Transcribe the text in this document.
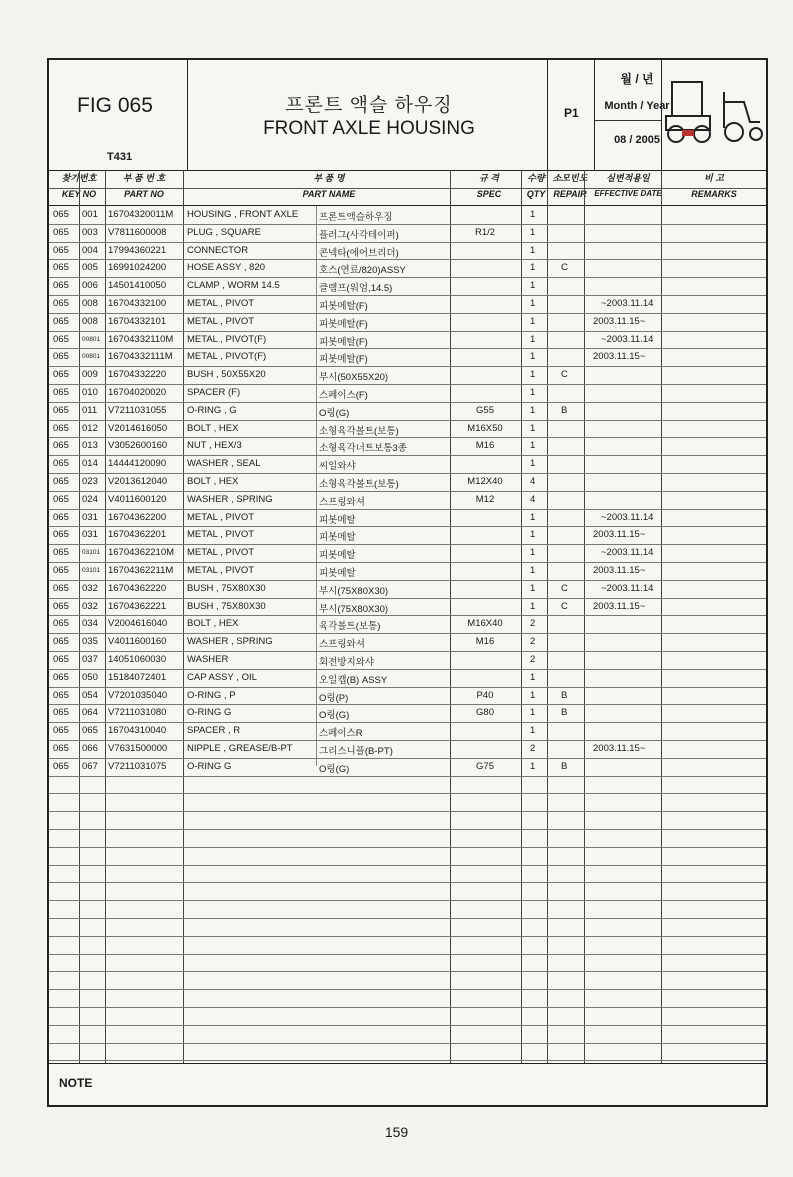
FIG 065
T431
프론트 액슬 하우징
FRONT AXLE HOUSING
P1
월 / 년
Month / Year
08 / 2005
찾기번호
KEY NO
부 품 번 호
PART NO
부 품 명
PART NAME
규 격
SPEC
수량
QTY
소모빈도
REPAIR
실변적용일
EFFECTIVE DATE
비 고
REMARKS
065 001 16704320011M HOUSING , FRONT AXLE 프론트액슬하우징	1
065 003 V7811600008 PLUG , SQUARE	플러그(사각테이퍼)	R1/2	1
065 004 17994360221 CONNECTOR	콘넥타(에어브리더)	1
065 005 16991024200 HOSE ASSY , 820	호스(연료/820)ASSY	1	C
065 006 14501410050 CLAMP , WORM 14.5	클램프(워엄,14.5)	1
065 008 16704332100 METAL , PIVOT	피봇메탈(F)	1	~2003.11.14
065 008 16704332101 METAL , PIVOT	피봇메탈(F)	1	2003.11.15~
065 00801 16704332110M METAL , PIVOT(F)	피봇메탈(F)	1	~2003.11.14
065 00801 16704332111M METAL , PIVOT(F)	피봇메탈(F)	1	2003.11.15~
065 009 16704332220 BUSH , 50X55X20	부시(50X55X20)	1	C
065 010 16704020020 SPACER (F)	스페이스(F)	1
065 011 V7211031055 O-RING , G	O링(G)	G55	1	B
065 012 V2014616050 BOLT , HEX	소형육각볼트(보통)	M16X50	1
065 013 V3052600160 NUT , HEX/3	소형육각너트보통3종	M16	1
065 014 14444120090 WASHER , SEAL	씨일와샤	1
065 023 V2013612040 BOLT , HEX	소형육각볼트(보통)	M12X40	4
065 024 V4011600120 WASHER , SPRING	스프링와셔	M12	4
065 031 16704362200 METAL , PIVOT	피봇메탈	1	~2003.11.14
065 031 16704362201 METAL , PIVOT	피봇메탈	1	2003.11.15~
065 03101 16704362210M METAL , PIVOT	피봇메탈	1	~2003.11.14
065 03101 16704362211M METAL , PIVOT	피봇메탈	1	2003.11.15~
065 032 16704362220 BUSH , 75X80X30	부시(75X80X30)	1	C	~2003.11.14
065 032 16704362221 BUSH , 75X80X30	부시(75X80X30)	1	C	2003.11.15~
065 034 V2004616040 BOLT , HEX	육각볼트(보통)	M16X40	2
065 035 V4011600160 WASHER , SPRING	스프링와셔	M16	2
065 037 14051060030 WASHER	회전방지와샤	2
065 050 15184072401 CAP ASSY , OIL	오일캡(B) ASSY	1
065 054 V7201035040 O-RING , P	O링(P)	P40	1	B
065 064 V7211031080 O-RING G	O링(G)	G80	1	B
065 065 16704310040 SPACER , R	스페이스R	1
065 066 V7631500000 NIPPLE , GREASE/B-PT	그리스니플(B-PT)	2	2003.11.15~
065 067 V7211031075 O-RING G	O링(G)	G75	1	B
NOTE
159
